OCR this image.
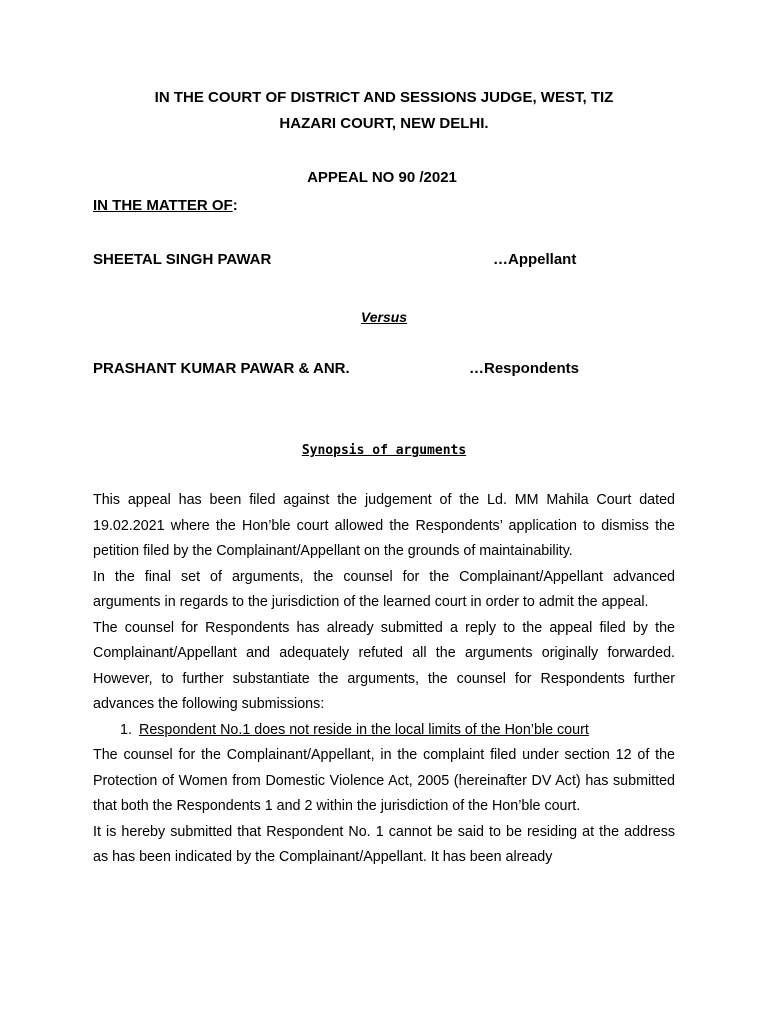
IN THE COURT OF DISTRICT AND SESSIONS JUDGE, WEST, TIZ
HAZARI COURT, NEW DELHI.
APPEAL NO 90 /2021
IN THE MATTER OF:
SHEETAL SINGH PAWAR	…Appellant
Versus
PRASHANT KUMAR PAWAR & ANR.	…Respondents
Synopsis of arguments

This appeal has been filed against the judgement of the Ld. MM Mahila Court dated 19.02.2021 where the Hon’ble court allowed the Respondents’ application to dismiss the petition filed by the Complainant/Appellant on the grounds of maintainability.

In the final set of arguments, the counsel for the Complainant/Appellant advanced arguments in regards to the jurisdiction of the learned court in order to admit the appeal.

The counsel for Respondents has already submitted a reply to the appeal filed by the Complainant/Appellant and adequately refuted all the arguments originally forwarded. However, to further substantiate the arguments, the counsel for Respondents further advances the following submissions:

1. Respondent No.1 does not reside in the local limits of the Hon’ble court

The counsel for the Complainant/Appellant, in the complaint filed under section 12 of the Protection of Women from Domestic Violence Act, 2005 (hereinafter DV Act) has submitted that both the Respondents 1 and 2 within the jurisdiction of the Hon’ble court.

It is hereby submitted that Respondent No. 1 cannot be said to be residing at the address as has been indicated by the Complainant/Appellant. It has been already
